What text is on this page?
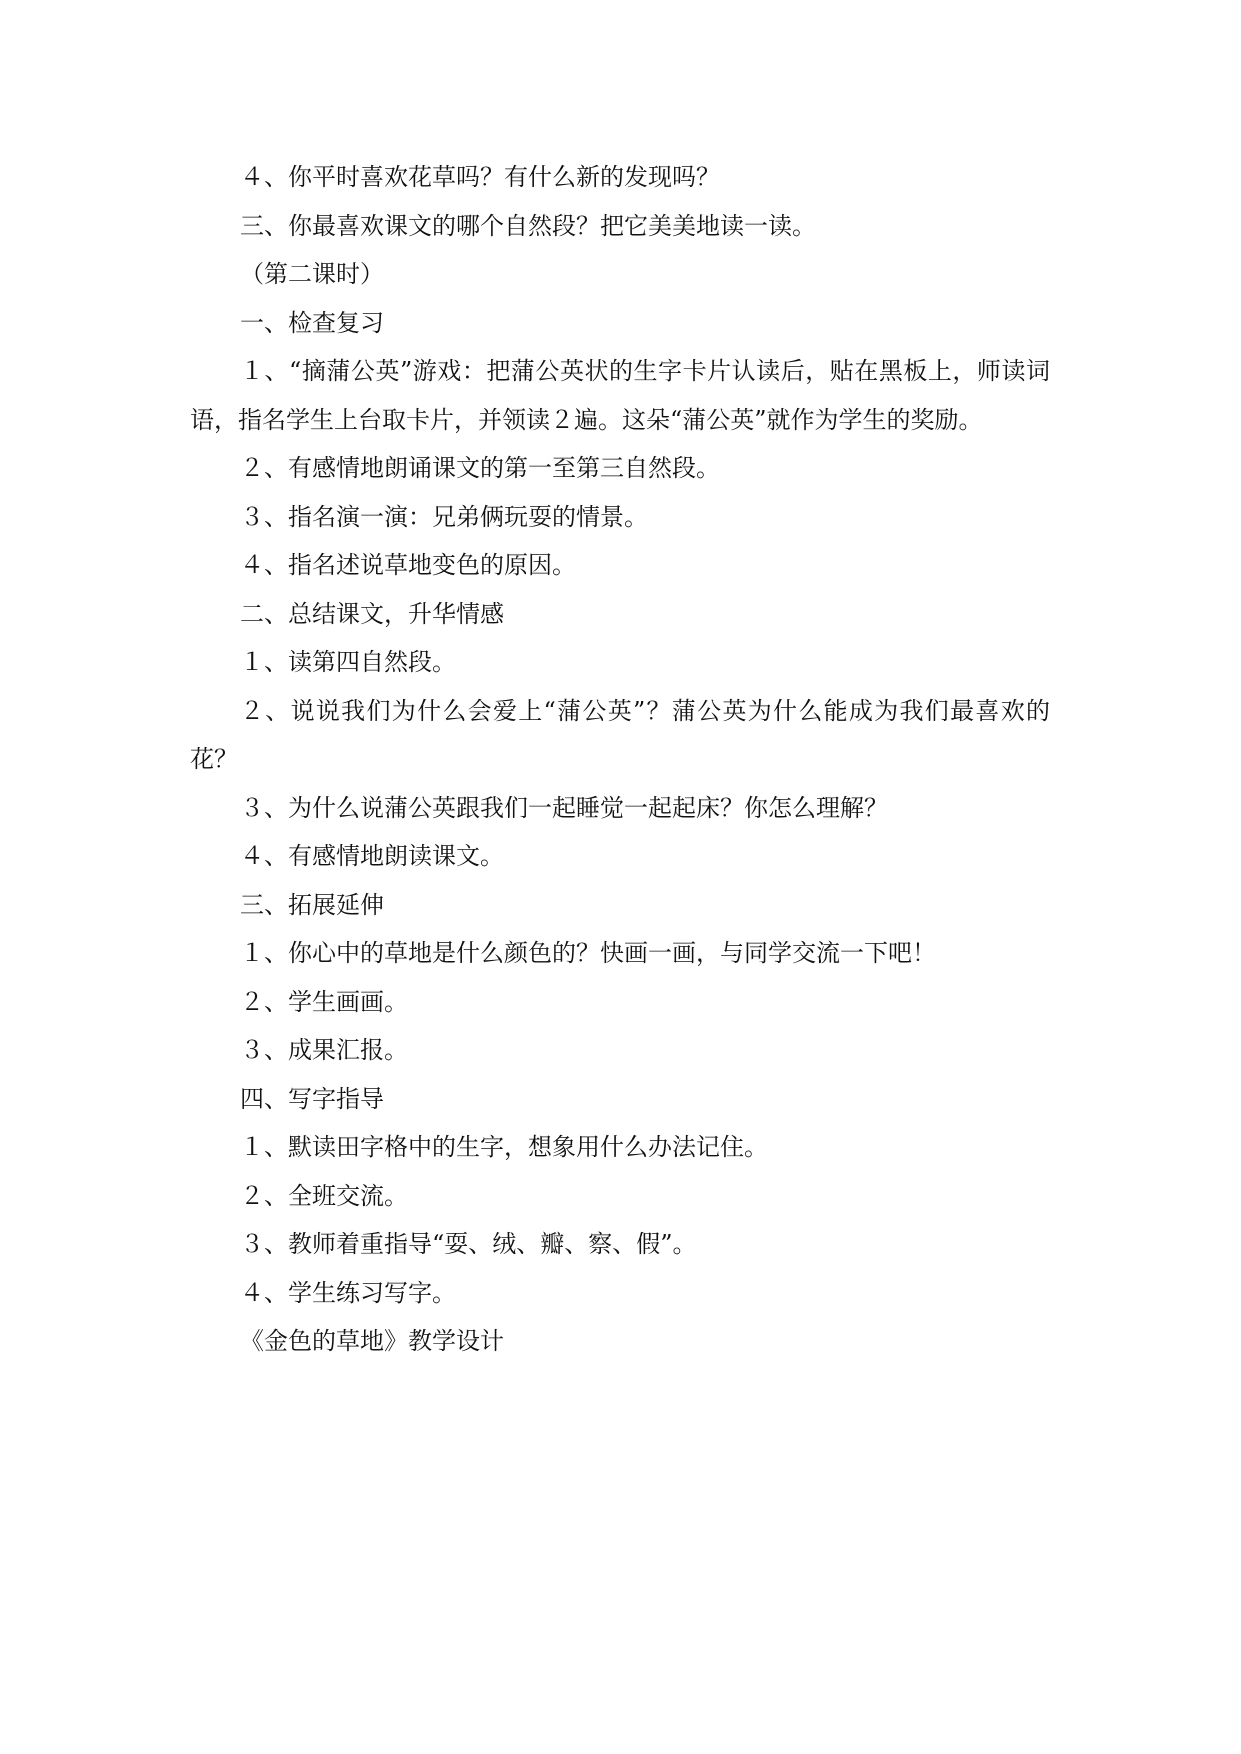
４、你平时喜欢花草吗？有什么新的发现吗？

三、你最喜欢课文的哪个自然段？把它美美地读一读。

（第二课时）

一、检查复习

１、“摘蒲公英”游戏：把蒲公英状的生字卡片认读后，贴在黑板上，师读词语，指名学生上台取卡片，并领读２遍。这朵“蒲公英”就作为学生的奖励。

２、有感情地朗诵课文的第一至第三自然段。

３、指名演一演：兄弟俩玩耍的情景。

４、指名述说草地变色的原因。

二、总结课文，升华情感

１、读第四自然段。

２、说说我们为什么会爱上“蒲公英”？蒲公英为什么能成为我们最喜欢的花？

３、为什么说蒲公英跟我们一起睡觉一起起床？你怎么理解？

４、有感情地朗读课文。

三、拓展延伸

１、你心中的草地是什么颜色的？快画一画，与同学交流一下吧！

２、学生画画。

３、成果汇报。

四、写字指导

１、默读田字格中的生字，想象用什么办法记住。

２、全班交流。

３、教师着重指导“耍、绒、瓣、察、假”。

４、学生练习写字。

《金色的草地》教学设计
